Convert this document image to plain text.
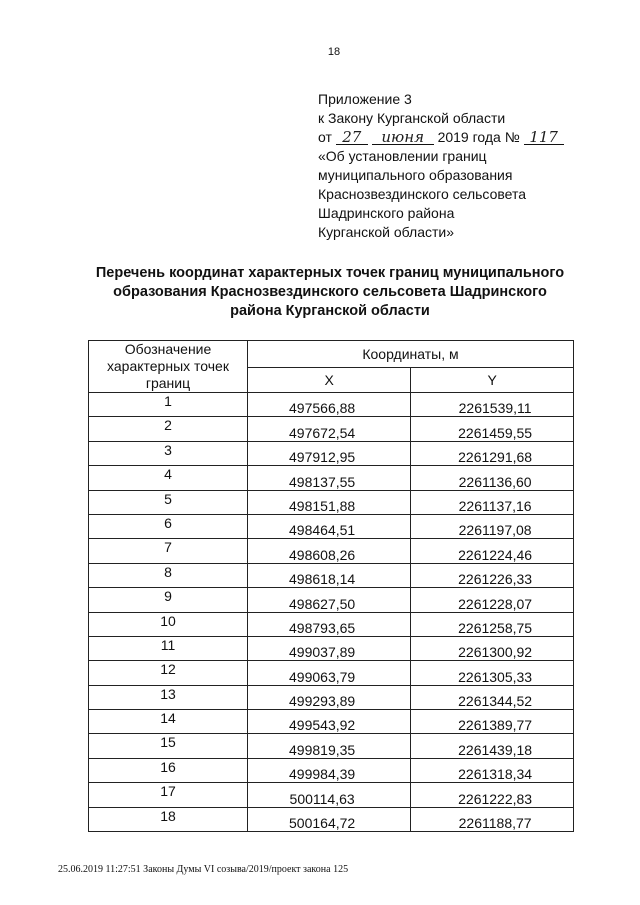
18
Приложение 3
к Закону Курганской области
от 27 июня 2019 года № 117
«Об установлении границ
муниципального образования
Краснозвездинского сельсовета
Шадринского района
Курганской области»
Перечень координат характерных точек границ муниципального
образования Краснозвездинского сельсовета Шадринского
района Курганской области
Обозначение характерных точек границ	Координаты, м	
	X	Y
1	497566,88	2261539,11
2	497672,54	2261459,55
3	497912,95	2261291,68
4	498137,55	2261136,60
5	498151,88	2261137,16
6	498464,51	2261197,08
7	498608,26	2261224,46
8	498618,14	2261226,33
9	498627,50	2261228,07
10	498793,65	2261258,75
11	499037,89	2261300,92
12	499063,79	2261305,33
13	499293,89	2261344,52
14	499543,92	2261389,77
15	499819,35	2261439,18
16	499984,39	2261318,34
17	500114,63	2261222,83
18	500164,72	2261188,77
25.06.2019 11:27:51 Законы Думы VI созыва/2019/проект закона 125
